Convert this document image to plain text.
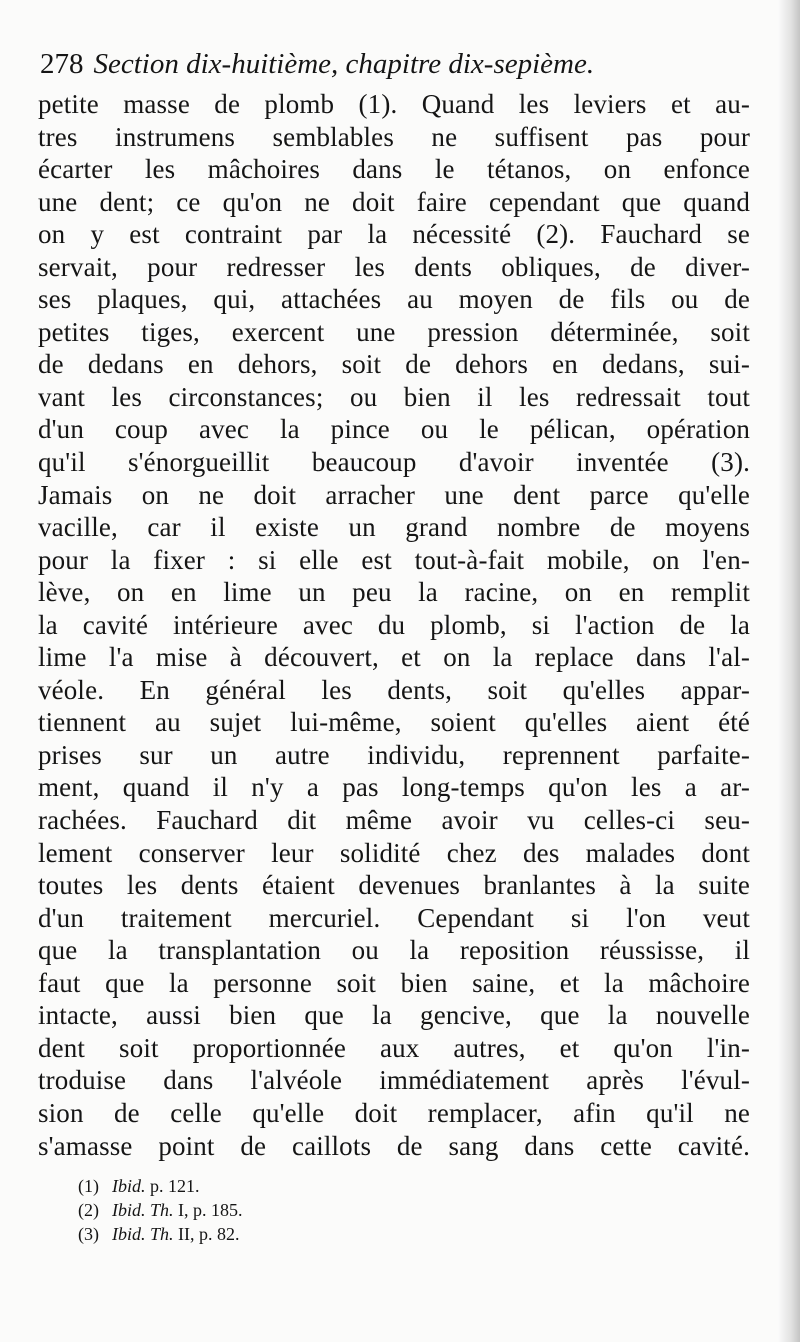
278 Section dix-huitième, chapitre dix-sepième.
petite masse de plomb (1). Quand les leviers et au-
tres instrumens semblables ne suffisent pas pour
écarter les mâchoires dans le tétanos, on enfonce
une dent; ce qu'on ne doit faire cependant que quand
on y est contraint par la nécessité (2). Fauchard se
servait, pour redresser les dents obliques, de diver-
ses plaques, qui, attachées au moyen de fils ou de
petites tiges, exercent une pression déterminée, soit
de dedans en dehors, soit de dehors en dedans, sui-
vant les circonstances; ou bien il les redressait tout
d'un coup avec la pince ou le pélican, opération
qu'il s'énorgueillit beaucoup d'avoir inventée (3).
Jamais on ne doit arracher une dent parce qu'elle
vacille, car il existe un grand nombre de moyens
pour la fixer : si elle est tout-à-fait mobile, on l'en-
lève, on en lime un peu la racine, on en remplit
la cavité intérieure avec du plomb, si l'action de la
lime l'a mise à découvert, et on la replace dans l'al-
véole. En général les dents, soit qu'elles appar-
tiennent au sujet lui-même, soient qu'elles aient été
prises sur un autre individu, reprennent parfaite-
ment, quand il n'y a pas long-temps qu'on les a ar-
rachées. Fauchard dit même avoir vu celles-ci seu-
lement conserver leur solidité chez des malades dont
toutes les dents étaient devenues branlantes à la suite
d'un traitement mercuriel. Cependant si l'on veut
que la transplantation ou la reposition réussisse, il
faut que la personne soit bien saine, et la mâchoire
intacte, aussi bien que la gencive, que la nouvelle
dent soit proportionnée aux autres, et qu'on l'in-
troduise dans l'alvéole immédiatement après l'évul-
sion de celle qu'elle doit remplacer, afin qu'il ne
s'amasse point de caillots de sang dans cette cavité.
(1) Ibid. p. 121.
(2) Ibid. Th. I, p. 185.
(3) Ibid. Th. II, p. 82.
